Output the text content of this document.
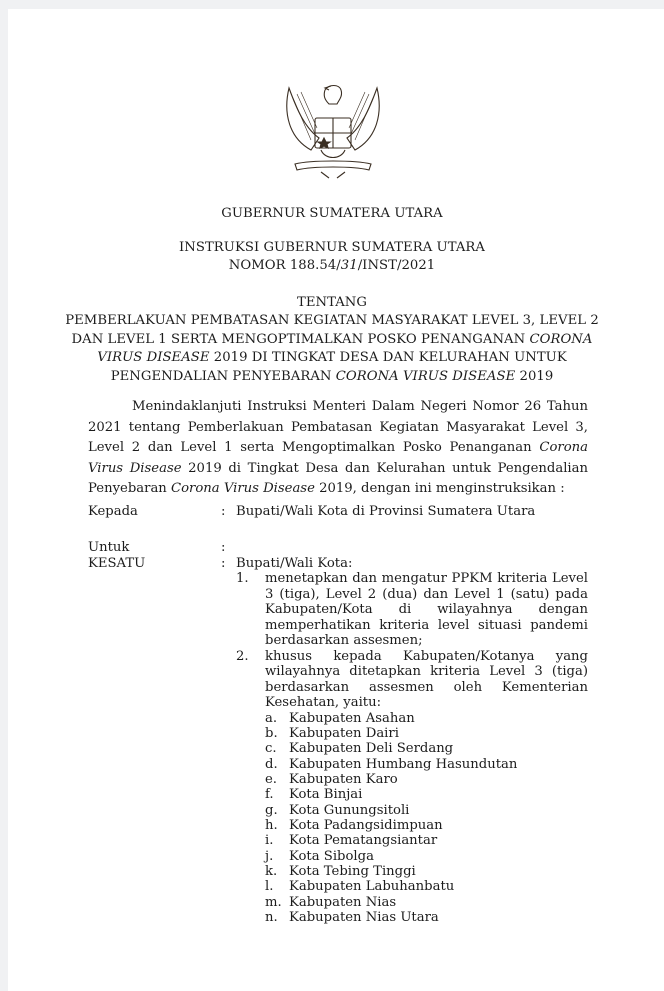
GUBERNUR SUMATERA UTARA
INSTRUKSI GUBERNUR SUMATERA UTARA
NOMOR 188.54/31/INST/2021
TENTANG
PEMBERLAKUAN PEMBATASAN KEGIATAN MASYARAKAT LEVEL 3, LEVEL 2
DAN LEVEL 1 SERTA MENGOPTIMALKAN POSKO PENANGANAN CORONA
VIRUS DISEASE 2019 DI TINGKAT DESA DAN KELURAHAN UNTUK
PENGENDALIAN PENYEBARAN CORONA VIRUS DISEASE 2019
Menindaklanjuti Instruksi Menteri Dalam Negeri Nomor 26 Tahun 2021 tentang Pemberlakuan Pembatasan Kegiatan Masyarakat Level 3, Level 2 dan Level 1 serta Mengoptimalkan Posko Penanganan Corona Virus Disease 2019 di Tingkat Desa dan Kelurahan untuk Pengendalian Penyebaran Corona Virus Disease 2019, dengan ini menginstruksikan :
Kepada	: Bupati/Wali Kota di Provinsi Sumatera Utara
Untuk	:
KESATU	: Bupati/Wali Kota:
1.	menetapkan dan mengatur PPKM kriteria Level 3 (tiga), Level 2 (dua) dan Level 1 (satu) pada Kabupaten/Kota di wilayahnya dengan memperhatikan kriteria level situasi pandemi berdasarkan assesmen;
2.	khusus kepada Kabupaten/Kotanya yang wilayahnya ditetapkan kriteria Level 3 (tiga) berdasarkan assesmen oleh Kementerian Kesehatan, yaitu:
a. Kabupaten Asahan
b. Kabupaten Dairi
c. Kabupaten Deli Serdang
d. Kabupaten Humbang Hasundutan
e. Kabupaten Karo
f.	Kota Binjai
g. Kota Gunungsitoli
h. Kota Padangsidimpuan
i.	Kota Pematangsiantar
j.	Kota Sibolga
k. Kota Tebing Tinggi
l.	Kabupaten Labuhanbatu
m. Kabupaten Nias
n. Kabupaten Nias Utara
